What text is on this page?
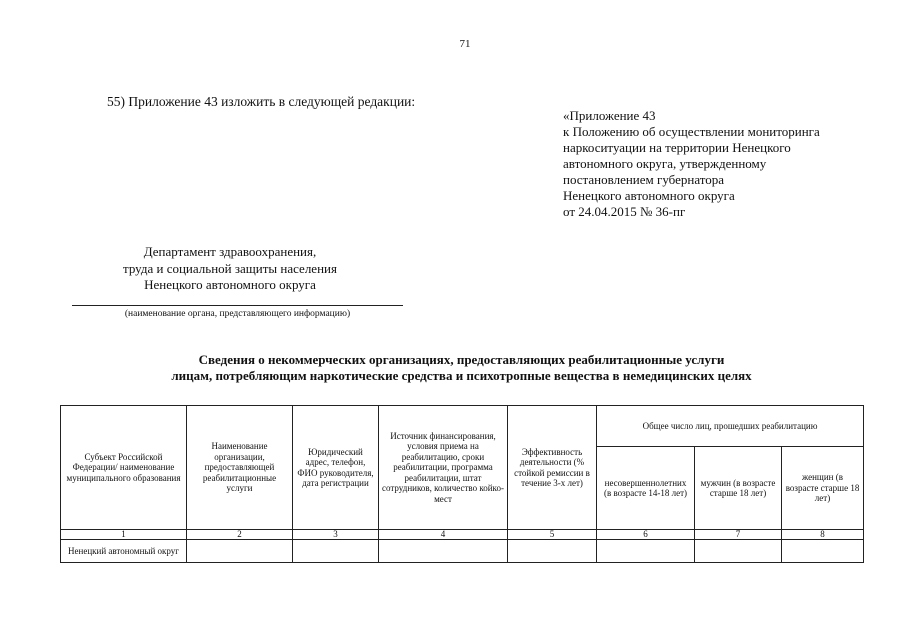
71
55) Приложение 43 изложить в следующей редакции:
«Приложение 43
к Положению об осуществлении мониторинга
наркоситуации на территории Ненецкого
автономного округа, утвержденному
постановлением губернатора
Ненецкого автономного округа
от 24.04.2015 № 36-пг
Департамент здравоохранения,
труда и социальной защиты населения
Ненецкого автономного округа
(наименование органа, представляющего информацию)
Сведения о некоммерческих организациях, предоставляющих реабилитационные услуги
лицам, потребляющим наркотические средства и психотропные вещества в немедицинских целях
Субъект Российской Федерации/ наименование муниципального образования	Наименование организации, предоставляющей реабилитационные услуги	Юридический адрес, телефон, ФИО руководителя, дата регистрации	Источник финансирования, условия приема на реабилитацию, сроки реабилитации, программа реабилитации, штат сотрудников, количество койко-мест	Эффективность деятельности (% стойкой ремиссии в течение 3-х лет)	Общее число лиц, прошедших реабилитацию		
					несовершеннолетних (в возрасте 14-18 лет)	мужчин (в возрасте старше 18 лет)	женщин (в возрасте старше 18 лет)
1	2	3	4	5	6	7	8
Ненецкий автономный округ							
